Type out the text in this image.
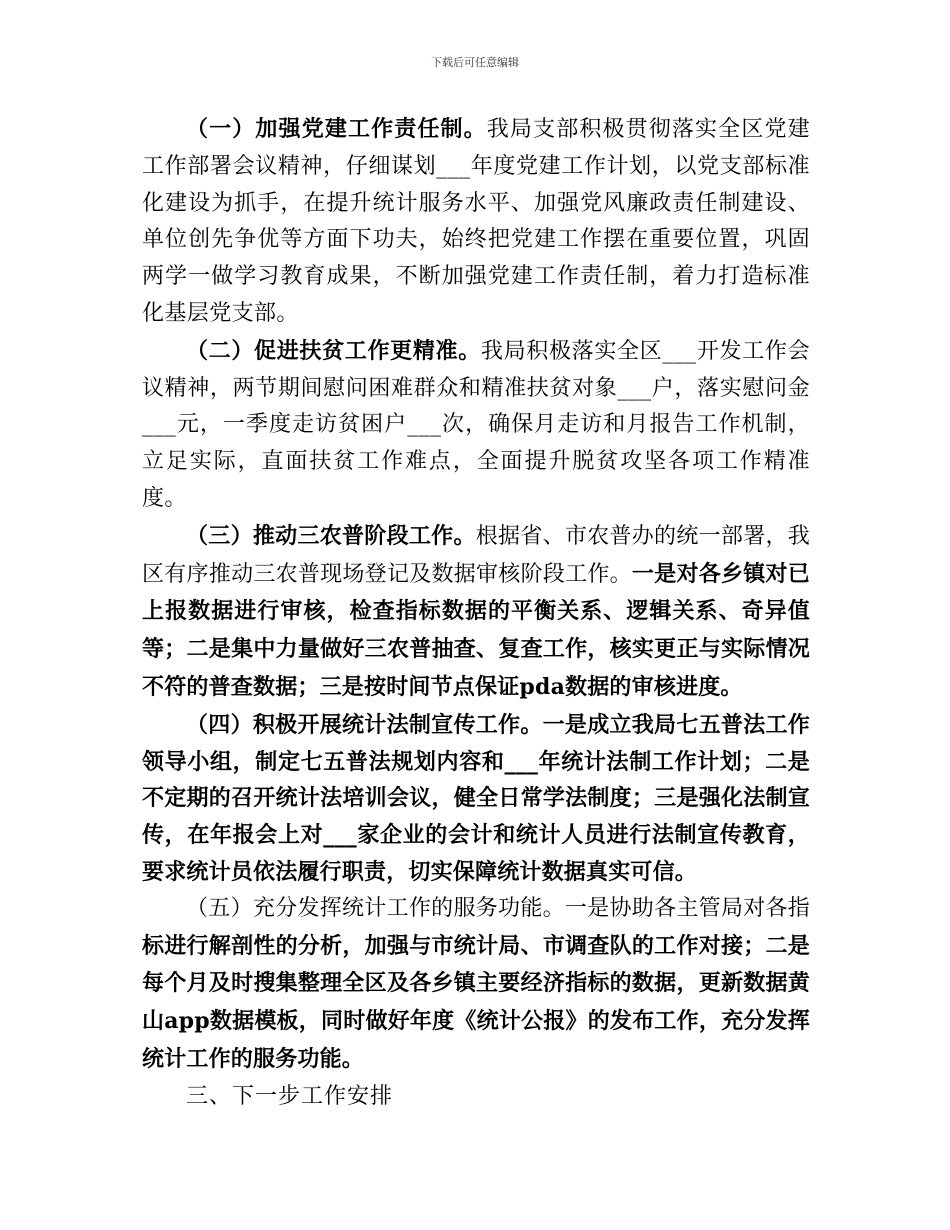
下载后可任意编辑

（一）加强党建工作责任制。我局支部积极贯彻落实全区党建工作部署会议精神，仔细谋划___年度党建工作计划，以党支部标准化建设为抓手，在提升统计服务水平、加强党风廉政责任制建设、单位创先争优等方面下功夫，始终把党建工作摆在重要位置，巩固两学一做学习教育成果，不断加强党建工作责任制，着力打造标准化基层党支部。

（二）促进扶贫工作更精准。我局积极落实全区___开发工作会议精神，两节期间慰问困难群众和精准扶贫对象___户，落实慰问金___元，一季度走访贫困户___次，确保月走访和月报告工作机制，立足实际，直面扶贫工作难点，全面提升脱贫攻坚各项工作精准度。

（三）推动三农普阶段工作。根据省、市农普办的统一部署，我区有序推动三农普现场登记及数据审核阶段工作。一是对各乡镇对已上报数据进行审核，检查指标数据的平衡关系、逻辑关系、奇异值等；二是集中力量做好三农普抽查、复查工作，核实更正与实际情况不符的普查数据；三是按时间节点保证pda数据的审核进度。

（四）积极开展统计法制宣传工作。一是成立我局七五普法工作领导小组，制定七五普法规划内容和___年统计法制工作计划；二是不定期的召开统计法培训会议，健全日常学法制度；三是强化法制宣传，在年报会上对___家企业的会计和统计人员进行法制宣传教育，要求统计员依法履行职责，切实保障统计数据真实可信。

（五）充分发挥统计工作的服务功能。一是协助各主管局对各指标进行解剖性的分析，加强与市统计局、市调查队的工作对接；二是每个月及时搜集整理全区及各乡镇主要经济指标的数据，更新数据黄山app数据模板，同时做好年度《统计公报》的发布工作，充分发挥统计工作的服务功能。

三、下一步工作安排
